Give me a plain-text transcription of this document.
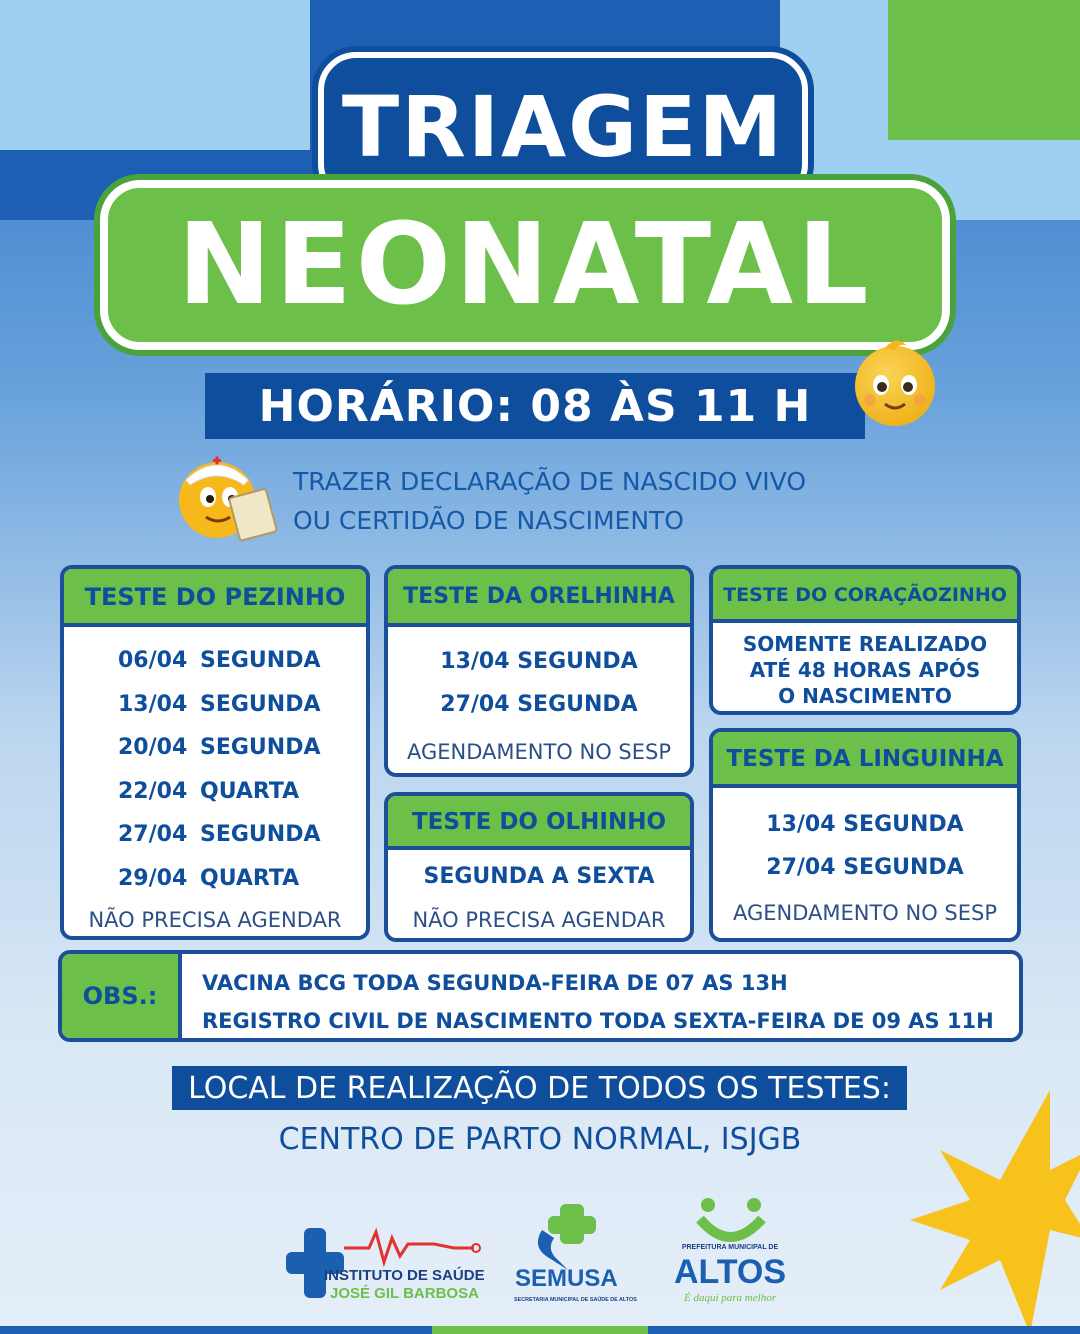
TRIAGEM
NEONATAL
HORÁRIO: 08 ÀS 11 H
TRAZER DECLARAÇÃO DE NASCIDO VIVO
OU CERTIDÃO DE NASCIMENTO
TESTE DO PEZINHO
06/04 SEGUNDA
13/04 SEGUNDA
20/04 SEGUNDA
22/04 QUARTA
27/04 SEGUNDA
29/04 QUARTA
NÃO PRECISA AGENDAR
TESTE DA ORELHINHA
13/04 SEGUNDA
27/04 SEGUNDA
AGENDAMENTO NO SESP
TESTE DO OLHINHO
SEGUNDA A SEXTA
NÃO PRECISA AGENDAR
TESTE DO CORAÇÃOZINHO
SOMENTE REALIZADO
ATÉ 48 HORAS APÓS
O NASCIMENTO
TESTE DA LINGUINHA
13/04 SEGUNDA
27/04 SEGUNDA
AGENDAMENTO NO SESP
OBS.:	VACINA BCG TODA SEGUNDA-FEIRA DE 07 AS 13H
REGISTRO CIVIL DE NASCIMENTO TODA SEXTA-FEIRA DE 09 AS 11H
LOCAL DE REALIZAÇÃO DE TODOS OS TESTES:
CENTRO DE PARTO NORMAL, ISJGB
INSTITUTO DE SAÚDE
JOSÉ GIL BARBOSA
SEMUSA
SECRETARIA MUNICIPAL DE SAÚDE DE ALTOS
PREFEITURA MUNICIPAL DE
ALTOS
É daqui para melhor
